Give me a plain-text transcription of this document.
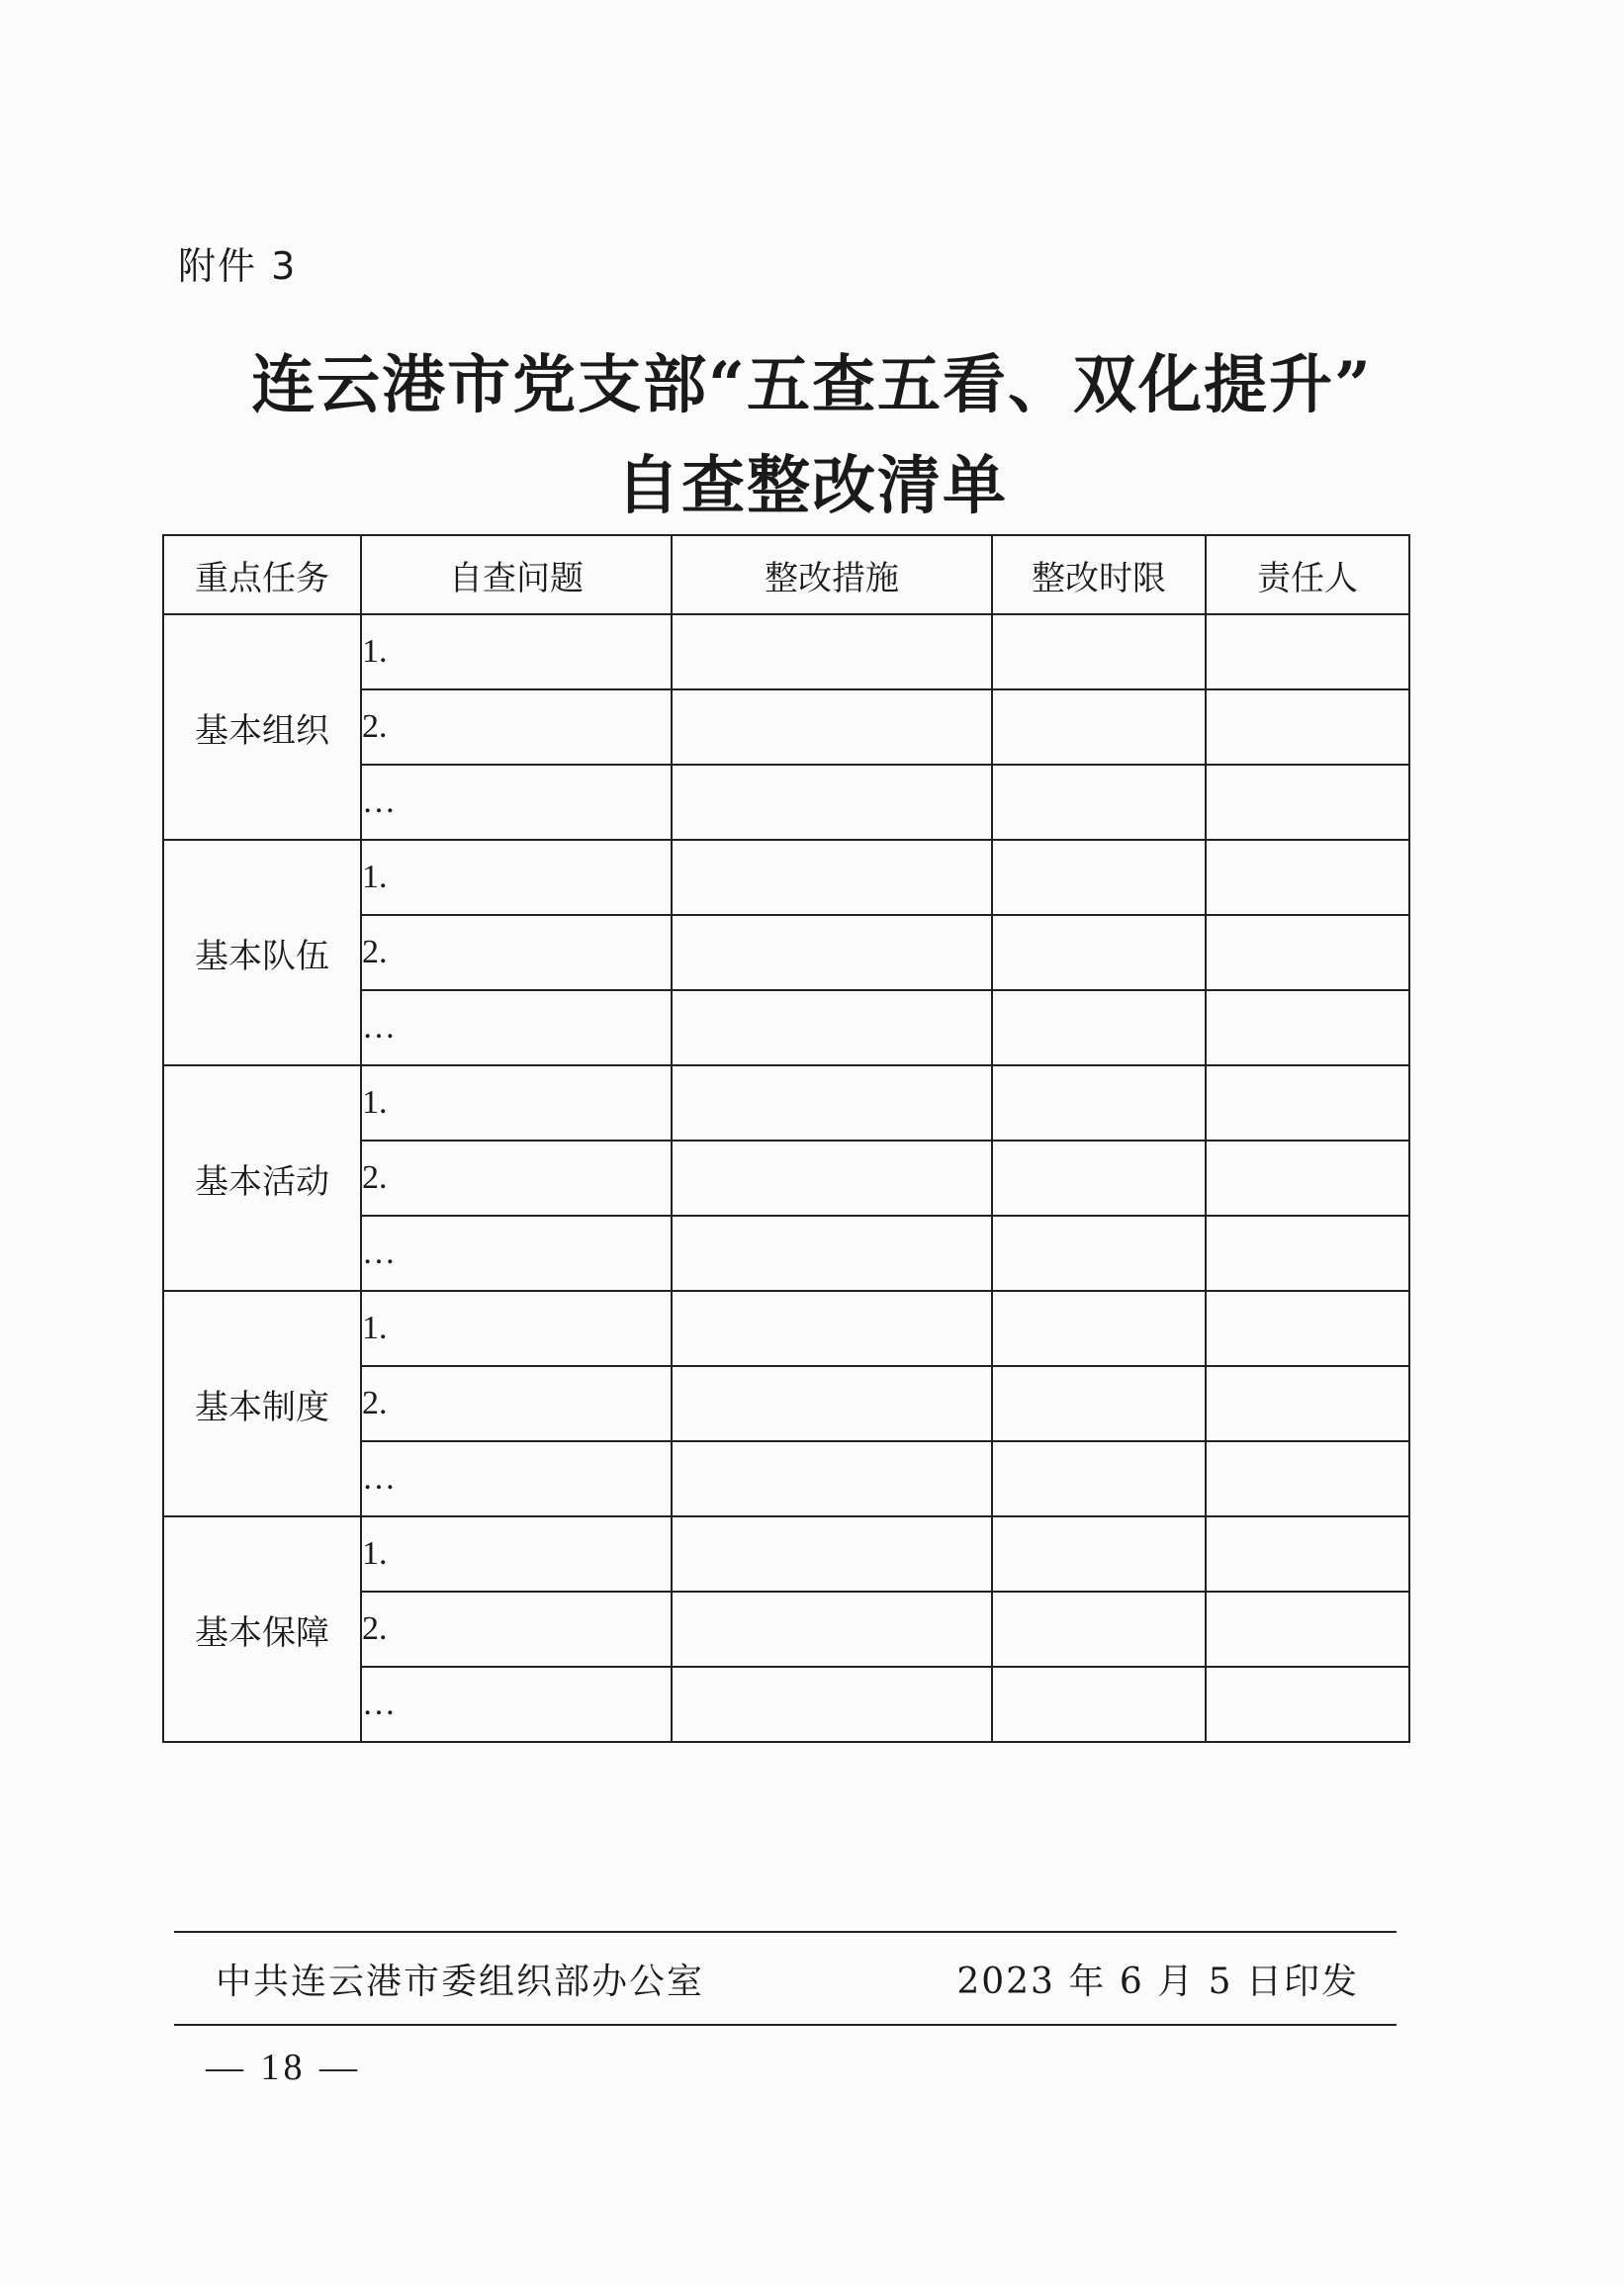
附件 3
连云港市党支部“五查五看、双化提升”
自查整改清单
重点任务	自查问题	整改措施	整改时限	责任人
基本组织	1.			
	2.			
	…			
基本队伍	1.			
	2.			
	…			
基本活动	1.			
	2.			
	…			
基本制度	1.			
	2.			
	…			
基本保障	1.			
	2.			
	…			
中共连云港市委组织部办公室	2023 年 6 月 5 日印发
— 18 —
